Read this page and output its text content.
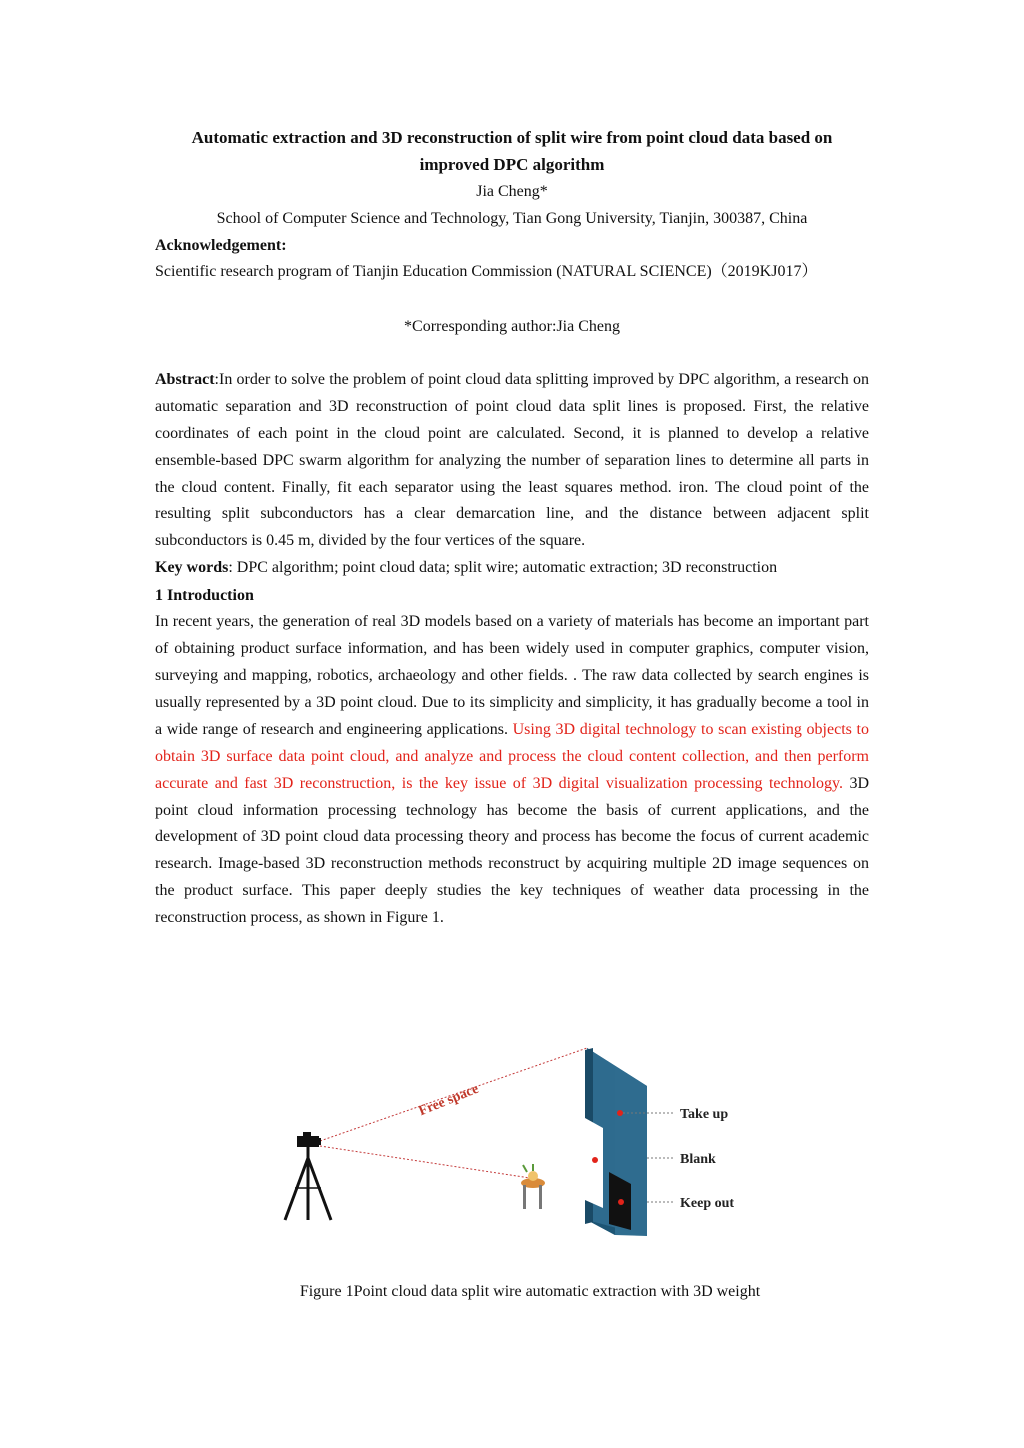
Automatic extraction and 3D reconstruction of split wire from point cloud data based on improved DPC algorithm

Jia Cheng*

School of Computer Science and Technology, Tian Gong University, Tianjin, 300387, China

Acknowledgement:

Scientific research program of Tianjin Education Commission (NATURAL SCIENCE)（2019KJ017）

*Corresponding author:Jia Cheng

Abstract:In order to solve the problem of point cloud data splitting improved by DPC algorithm, a research on automatic separation and 3D reconstruction of point cloud data split lines is proposed. First, the relative coordinates of each point in the cloud point are calculated. Second, it is planned to develop a relative ensemble-based DPC swarm algorithm for analyzing the number of separation lines to determine all parts in the cloud content. Finally, fit each separator using the least squares method. iron. The cloud point of the resulting split subconductors has a clear demarcation line, and the distance between adjacent split subconductors is 0.45 m, divided by the four vertices of the square.

Key words: DPC algorithm; point cloud data; split wire; automatic extraction; 3D reconstruction

1 Introduction

In recent years, the generation of real 3D models based on a variety of materials has become an important part of obtaining product surface information, and has been widely used in computer graphics, computer vision, surveying and mapping, robotics, archaeology and other fields. . The raw data collected by search engines is usually represented by a 3D point cloud. Due to its simplicity and simplicity, it has gradually become a tool in a wide range of research and engineering applications. Using 3D digital technology to scan existing objects to obtain 3D surface data point cloud, and analyze and process the cloud content collection, and then perform accurate and fast 3D reconstruction, is the key issue of 3D digital visualization processing technology. 3D point cloud information processing technology has become the basis of current applications, and the development of 3D point cloud data processing theory and process has become the focus of current academic research. Image-based 3D reconstruction methods reconstruct by acquiring multiple 2D image sequences on the product surface. This paper deeply studies the key techniques of weather data processing in the reconstruction process, as shown in Figure 1.

Free space	Take up
Blank
Keep out

Figure 1Point cloud data split wire automatic extraction with 3D weight
